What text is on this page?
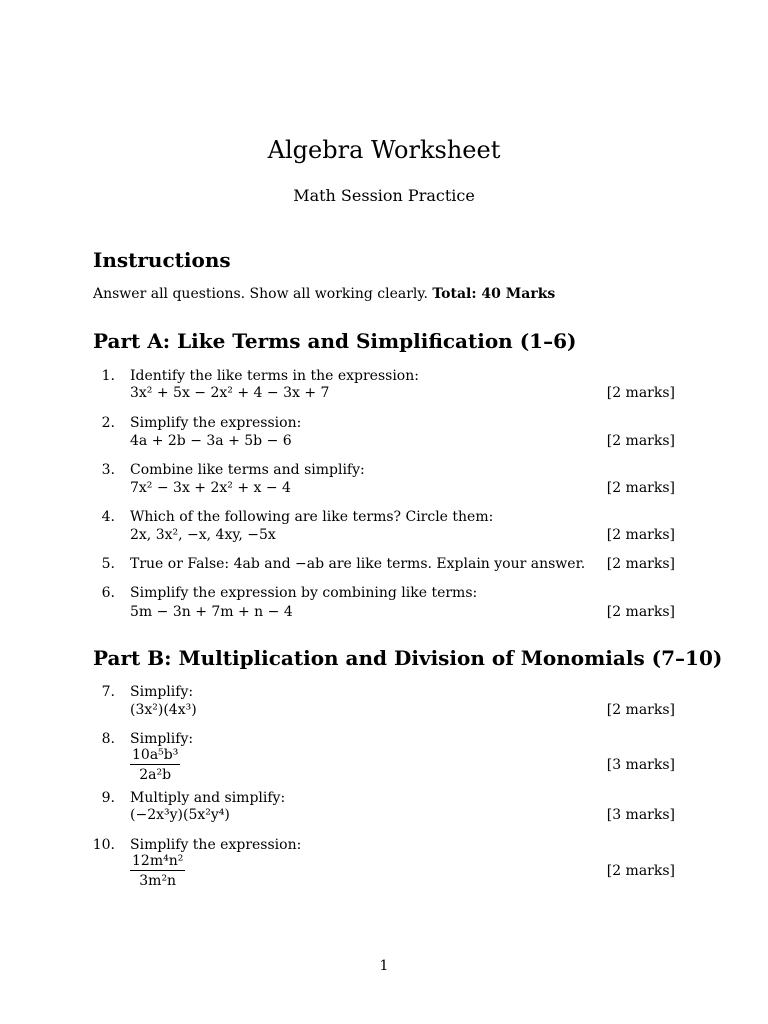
Algebra Worksheet
Math Session Practice
Instructions
Answer all questions. Show all working clearly. Total: 40 Marks
Part A: Like Terms and Simplification (1–6)
1. Identify the like terms in the expression:
3x² + 5x − 2x² + 4 − 3x + 7	[2 marks]
2. Simplify the expression:
4a + 2b − 3a + 5b − 6	[2 marks]
3. Combine like terms and simplify:
7x² − 3x + 2x² + x − 4	[2 marks]
4. Which of the following are like terms? Circle them:
2x, 3x², −x, 4xy, −5x	[2 marks]
5. True or False: 4ab and −ab are like terms. Explain your answer. [2 marks]
6. Simplify the expression by combining like terms:
5m − 3n + 7m + n − 4	[2 marks]
Part B: Multiplication and Division of Monomials (7–10)
7. Simplify:
(3x²)(4x³)	[2 marks]
8. Simplify:
$\frac{\text{10a⁵b³}}{\text{2a²b}}$	[3 marks]
9. Multiply and simplify:
(−2x³y)(5x²y⁴)	[3 marks]
10. Simplify the expression:
$\frac{\text{12m⁴n²}}{\text{3m²n}}$	[2 marks]
1
